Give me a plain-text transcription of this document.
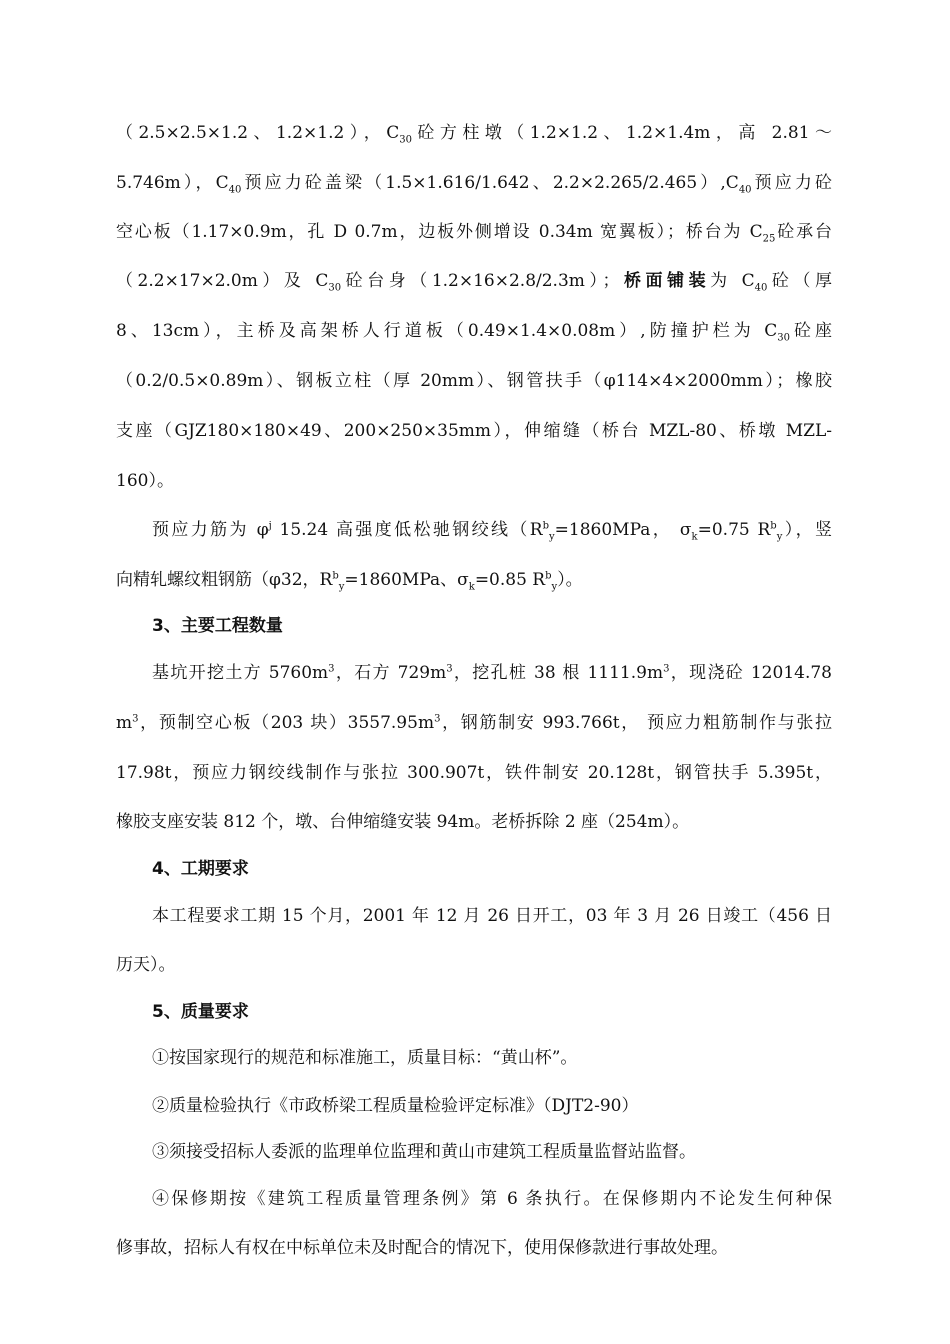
（2.5×2.5×1.2、1.2×1.2），$C_{30}$砼方柱墩（1.2×1.2、1.2×1.4m，高 2.81～
5.746m），$C_{40}$预应力砼盖梁（1.5×1.616/1.642、$2.2\times 2.265/2.465),C_{40}$预应力砼
空心板（1.17×0.9m，孔 D 0.7m，边板外侧增设 0.34m 宽翼板）；桥台为 $C_{25}$砼承台
（2.2×17×2.0m）及 $C_{30}$砼台身（1.2×16×2.8/2.3m）；桥面铺装为 $C_{40}$砼（厚
8、13cm），主桥及高架桥人行道板（0.49×1.4×0.08m）,防撞护栏为 $C_{30}$砼座
（0.2/0.5×0.89m）、钢板立柱（厚 20mm）、钢管扶手（φ114×4×2000mm）；橡胶
支座（GJZ180×180×49、200×250×35mm），伸缩缝（桥台 MZL-80、桥墩 MZL-
160）。
预应力筋为 $\varphi^j$ 15.24 高强度低松驰钢绞线（$R^b_y=1860MPa$， $\sigma_k=0.75$ $R^b_y$），竖
向精轧螺纹粗钢筋（φ32，$R^b_y=1860MPa$、$\sigma_k=0.85$ $R^b_y$）。
3、主要工程数量
基坑开挖土方 $5760m^3$，石方 $729m^3$，挖孔桩 38 根 $1111.9m^3$，现浇砼 12014.78
$m^3$，预制空心板（203 块）$3557.95m^3$，钢筋制安 993.766t， 预应力粗筋制作与张拉
17.98t，预应力钢绞线制作与张拉 300.907t，铁件制安 20.128t，钢管扶手 5.395t，
橡胶支座安装 812 个，墩、台伸缩缝安装 94m。老桥拆除 2 座（254m）。
4、工期要求
本工程要求工期 15 个月，2001 年 12 月 26 日开工，03 年 3 月 26 日竣工（456 日
历天）。
5、质量要求
①按国家现行的规范和标准施工，质量目标：“黄山杯”。
②质量检验执行《市政桥梁工程质量检验评定标准》（DJT2-90）
③须接受招标人委派的监理单位监理和黄山市建筑工程质量监督站监督。
④保修期按《建筑工程质量管理条例》第 6 条执行。在保修期内不论发生何种保
修事故，招标人有权在中标单位未及时配合的情况下，使用保修款进行事故处理。
